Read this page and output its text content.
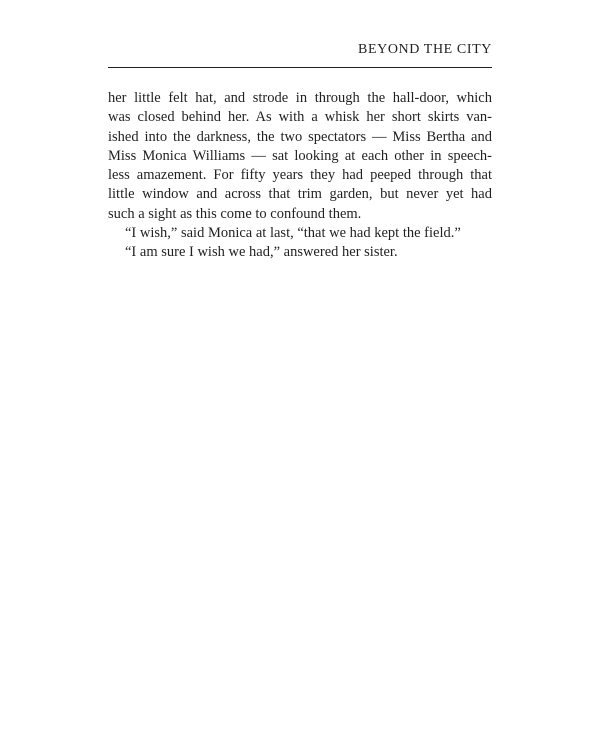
BEYOND THE CITY
her little felt hat, and strode in through the hall-door, which
was closed behind her. As with a whisk her short skirts van-
ished into the darkness, the two spectators — Miss Bertha and
Miss Monica Williams — sat looking at each other in speech-
less amazement. For fifty years they had peeped through that
little window and across that trim garden, but never yet had
such a sight as this come to confound them.
“I wish,” said Monica at last, “that we had kept the field.”
“I am sure I wish we had,” answered her sister.
